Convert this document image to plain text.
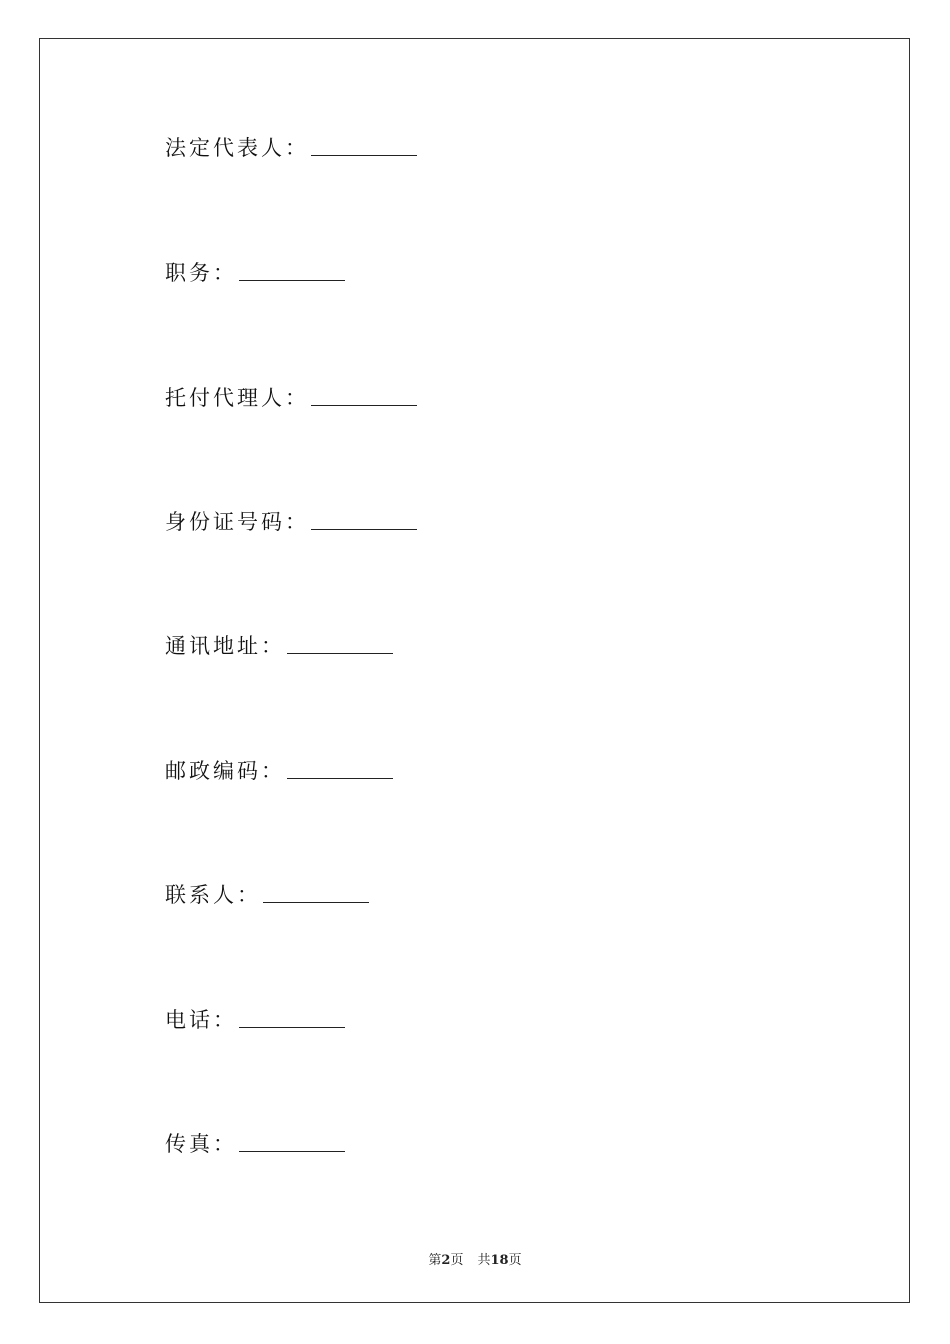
法定代表人：
职务：
托付代理人：
身份证号码：
通讯地址：
邮政编码：
联系人：
电话：
传真：
第2页 共18页
